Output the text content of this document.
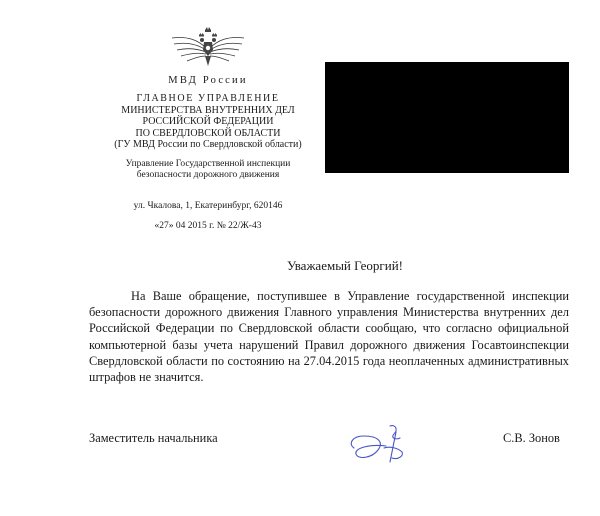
МВД России
ГЛАВНОЕ УПРАВЛЕНИЕ
МИНИСТЕРСТВА ВНУТРЕННИХ ДЕЛ
РОССИЙСКОЙ ФЕДЕРАЦИИ
ПО СВЕРДЛОВСКОЙ ОБЛАСТИ
(ГУ МВД России по Свердловской области)
Управление Государственной инспекции
безопасности дорожного движения
ул. Чкалова, 1, Екатеринбург, 620146
«27» 04 2015 г. № 22/Ж-43
Уважаемый Георгий!

На Ваше обращение, поступившее в Управление государственной инспекции безопасности дорожного движения Главного управления Министерства внутренних дел Российской Федерации по Свердловской области сообщаю, что согласно официальной компьютерной базы учета нарушений Правил дорожного движения Госавтоинспекции Свердловской области по состоянию на 27.04.2015 года неоплаченных административных штрафов не значится.

Заместитель начальника	С.В. Зонов
